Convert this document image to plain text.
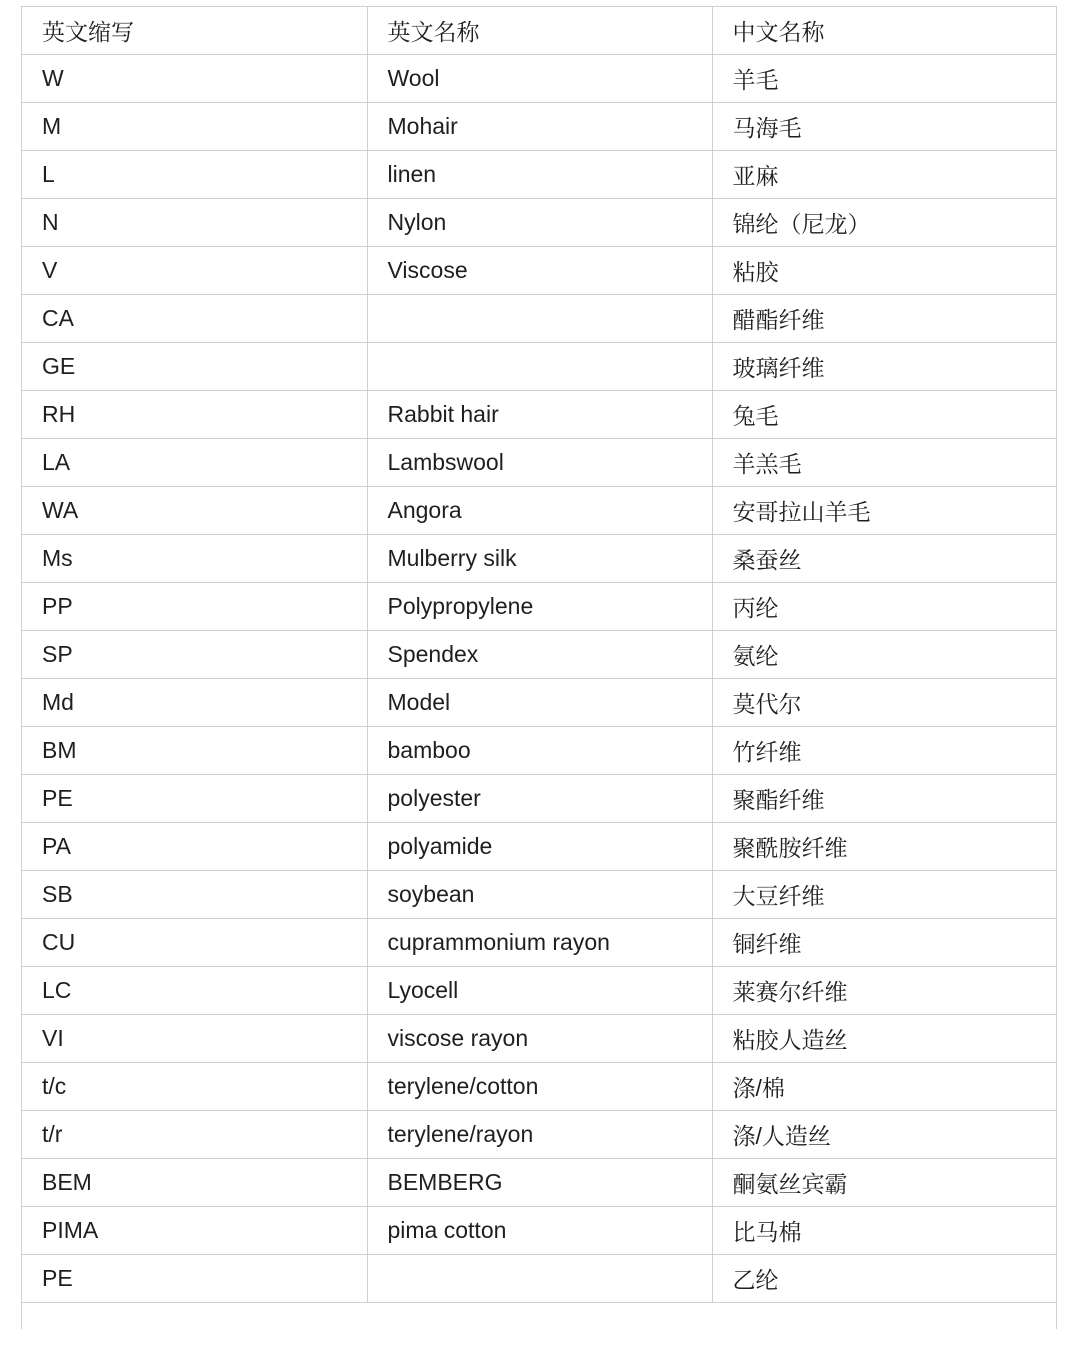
英文缩写	英文名称	中文名称
W	Wool	羊毛
M	Mohair	马海毛
L	linen	亚麻
N	Nylon	锦纶（尼龙）
V	Viscose	粘胶
CA		醋酯纤维
GE		玻璃纤维
RH	Rabbit hair	兔毛
LA	Lambswool	羊羔毛
WA	Angora	安哥拉山羊毛
Ms	Mulberry silk	桑蚕丝
PP	Polypropylene	丙纶
SP	Spendex	氨纶
Md	Model	莫代尔
BM	bamboo	竹纤维
PE	polyester	聚酯纤维
PA	polyamide	聚酰胺纤维
SB	soybean	大豆纤维
CU	cuprammonium rayon	铜纤维
LC	Lyocell	莱赛尔纤维
VI	viscose rayon	粘胶人造丝
t/c	terylene/cotton	涤/棉
t/r	terylene/rayon	涤/人造丝
BEM	BEMBERG	酮氨丝宾霸
PIMA	pima cotton	比马棉
PE		乙纶
